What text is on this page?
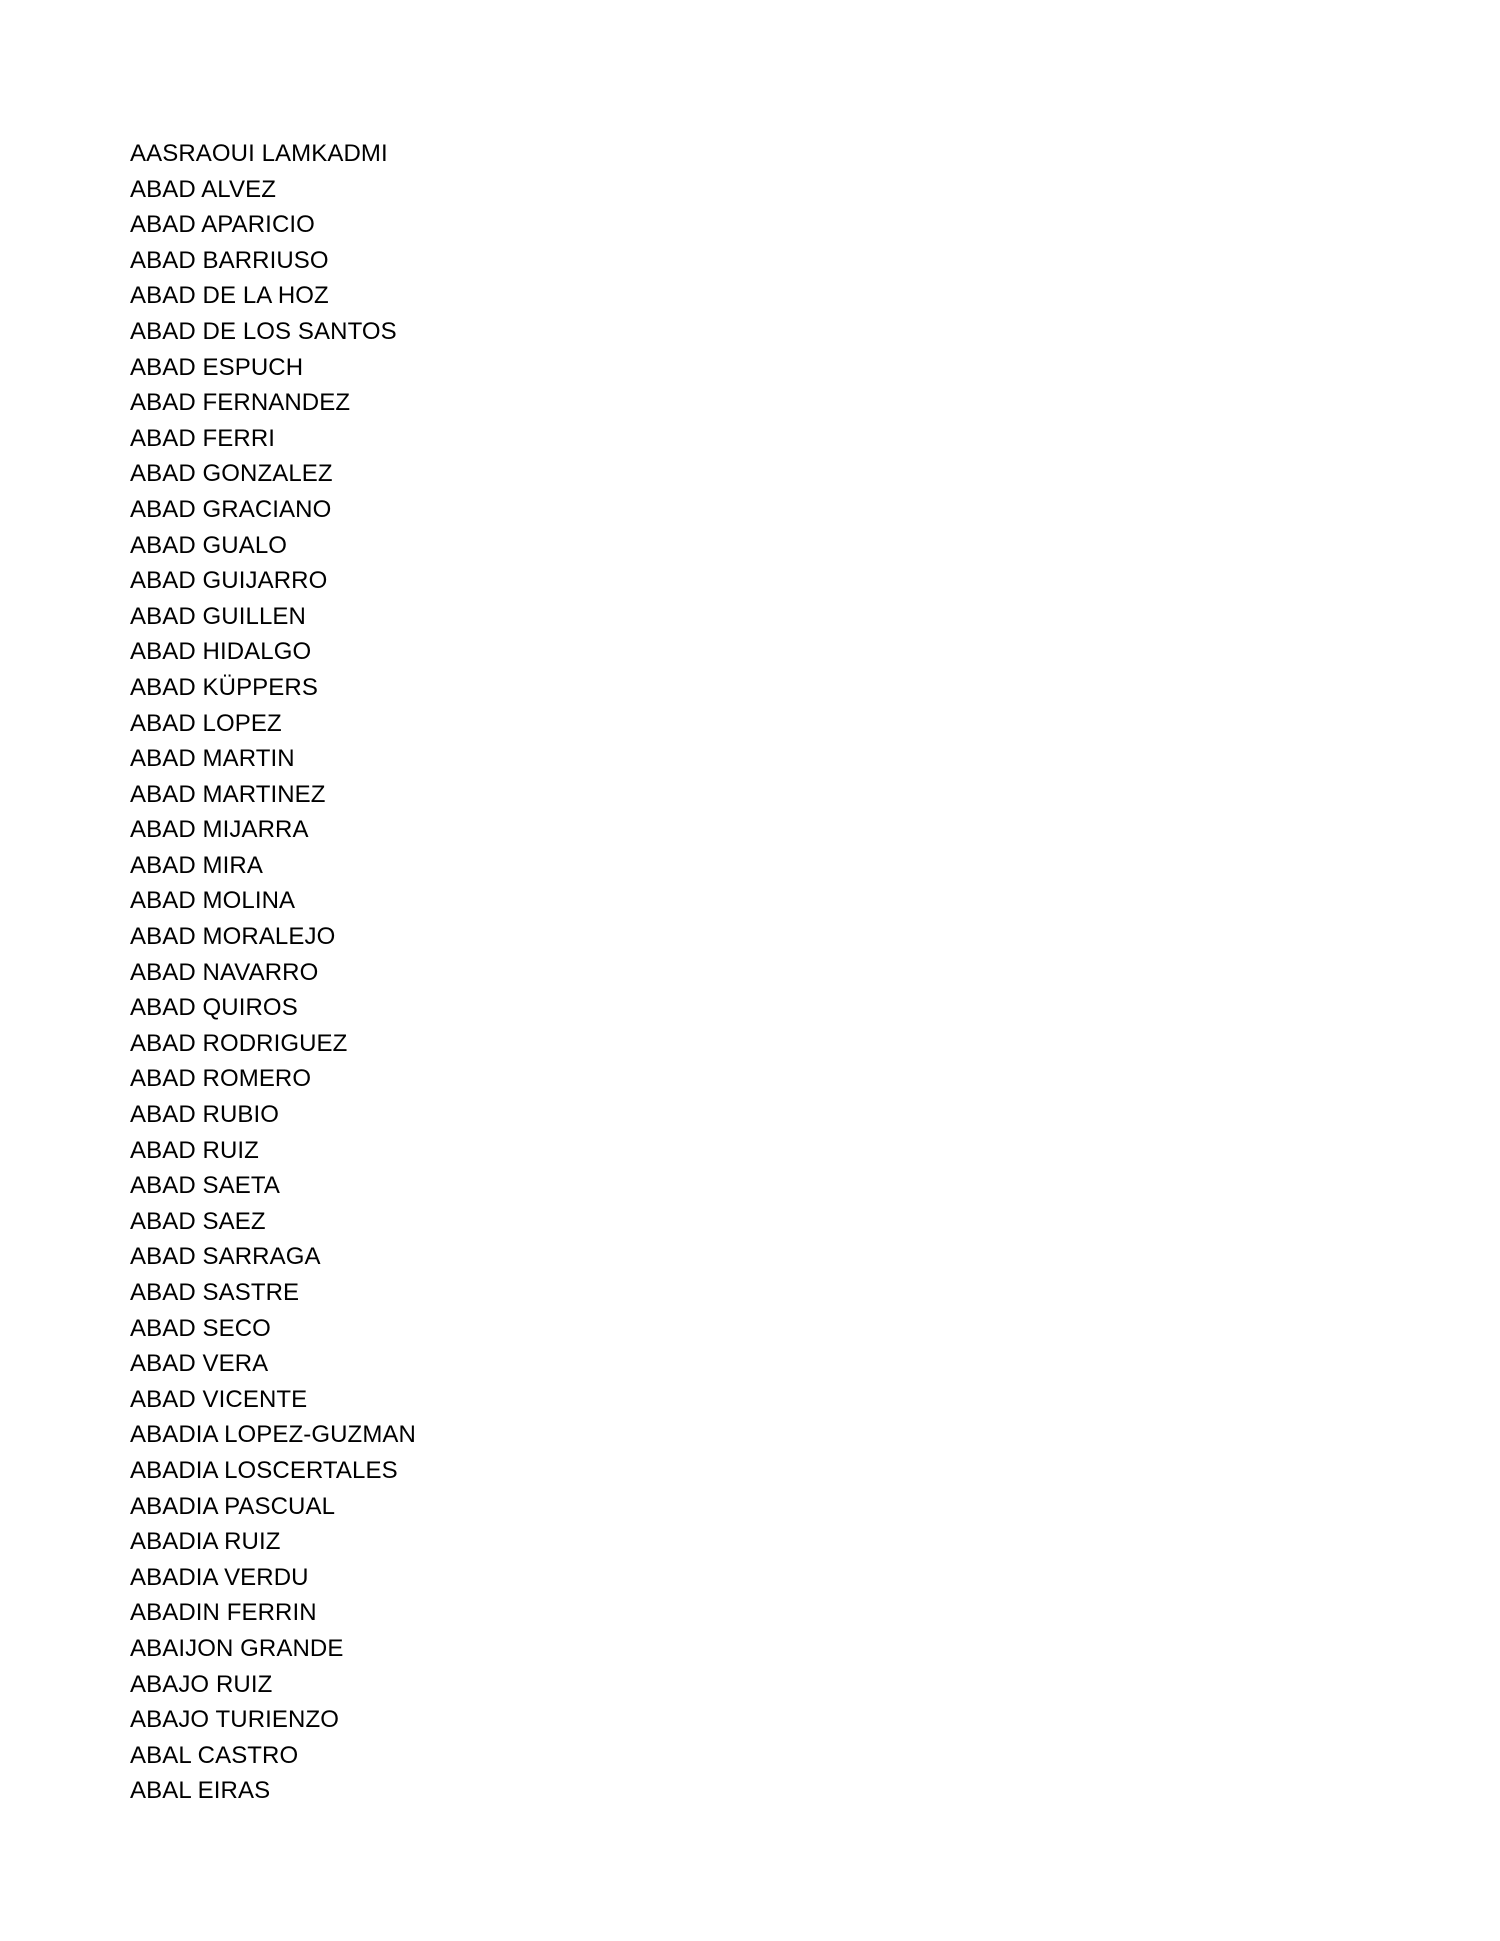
AASRAOUI LAMKADMI
ABAD ALVEZ
ABAD APARICIO
ABAD BARRIUSO
ABAD DE LA HOZ
ABAD DE LOS SANTOS
ABAD ESPUCH
ABAD FERNANDEZ
ABAD FERRI
ABAD GONZALEZ
ABAD GRACIANO
ABAD GUALO
ABAD GUIJARRO
ABAD GUILLEN
ABAD HIDALGO
ABAD KÜPPERS
ABAD LOPEZ
ABAD MARTIN
ABAD MARTINEZ
ABAD MIJARRA
ABAD MIRA
ABAD MOLINA
ABAD MORALEJO
ABAD NAVARRO
ABAD QUIROS
ABAD RODRIGUEZ
ABAD ROMERO
ABAD RUBIO
ABAD RUIZ
ABAD SAETA
ABAD SAEZ
ABAD SARRAGA
ABAD SASTRE
ABAD SECO
ABAD VERA
ABAD VICENTE
ABADIA LOPEZ-GUZMAN
ABADIA LOSCERTALES
ABADIA PASCUAL
ABADIA RUIZ
ABADIA VERDU
ABADIN FERRIN
ABAIJON GRANDE
ABAJO RUIZ
ABAJO TURIENZO
ABAL CASTRO
ABAL EIRAS
